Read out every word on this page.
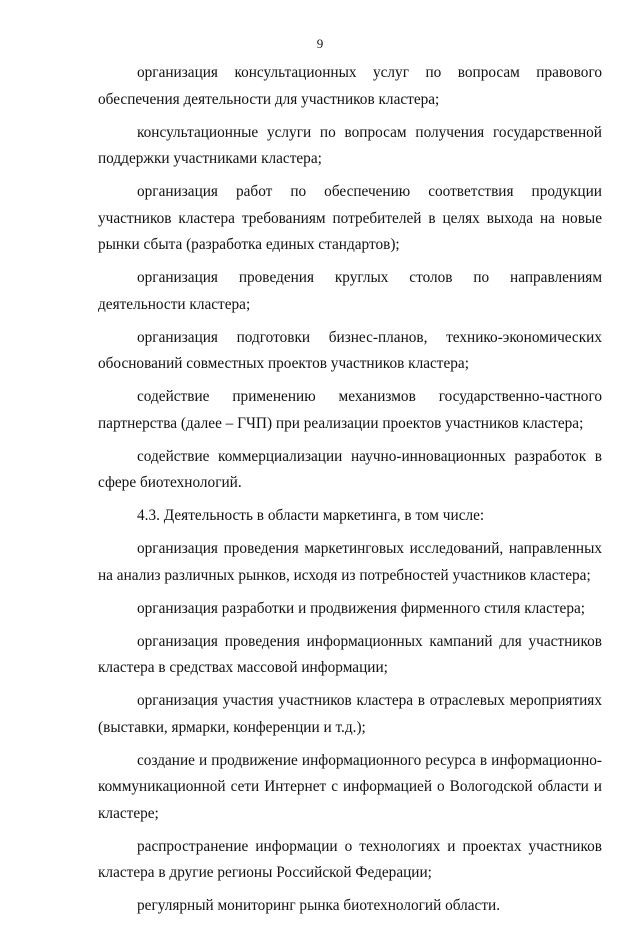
9

организация консультационных услуг по вопросам правового обеспечения деятельности для участников кластера;

консультационные услуги по вопросам получения государственной поддержки участниками кластера;

организация работ по обеспечению соответствия продукции участников кластера требованиям потребителей в целях выхода на новые рынки сбыта (разработка единых стандартов);

организация проведения круглых столов по направлениям деятельности кластера;

организация подготовки бизнес-планов, технико-экономических обоснований совместных проектов участников кластера;

содействие применению механизмов государственно-частного партнерства (далее – ГЧП) при реализации проектов участников кластера;

содействие коммерциализации научно-инновационных разработок в сфере биотехнологий.

4.3. Деятельность в области маркетинга, в том числе:

организация проведения маркетинговых исследований, направленных на анализ различных рынков, исходя из потребностей участников кластера;

организация разработки и продвижения фирменного стиля кластера;

организация проведения информационных кампаний для участников кластера в средствах массовой информации;

организация участия участников кластера в отраслевых мероприятиях (выставки, ярмарки, конференции и т.д.);

создание и продвижение информационного ресурса в информационно-коммуникационной сети Интернет с информацией о Вологодской области и кластере;

распространение информации о технологиях и проектах участников кластера в другие регионы Российской Федерации;

регулярный мониторинг рынка биотехнологий области.
